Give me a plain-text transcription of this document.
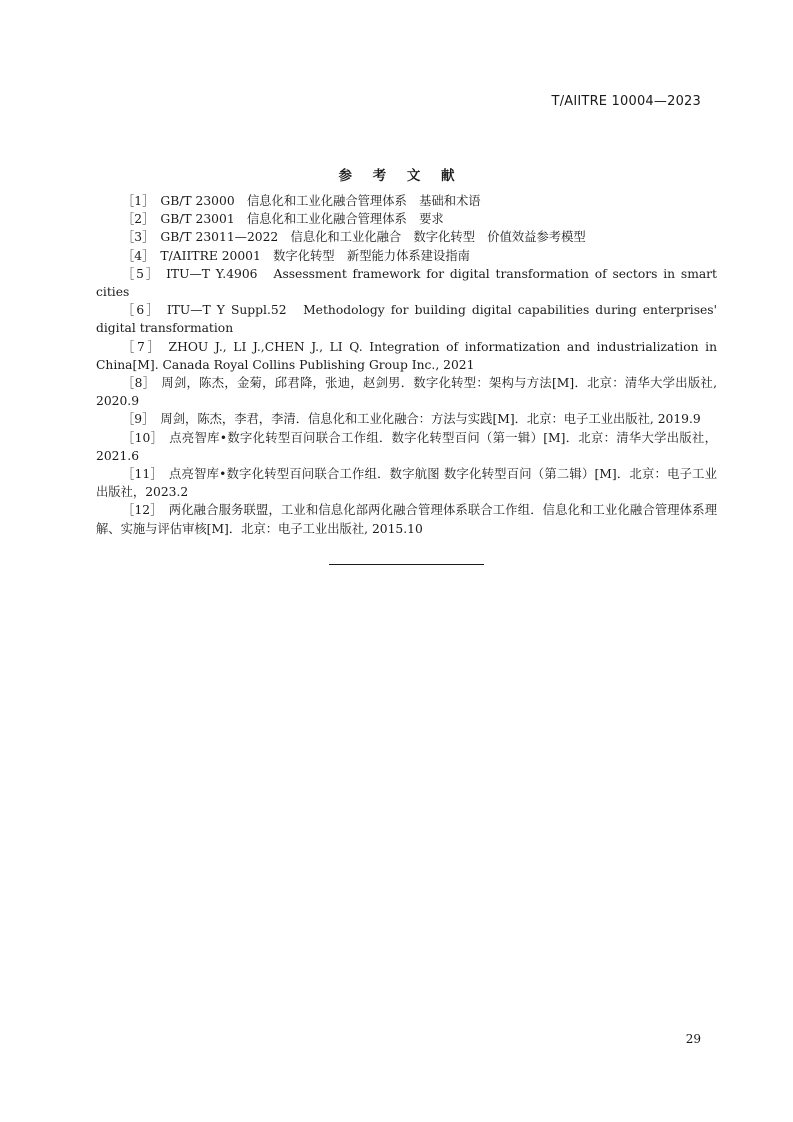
T/AIITRE 10004—2023
参 考 文 献
［1］ GB/T 23000　信息化和工业化融合管理体系　基础和术语
［2］ GB/T 23001　信息化和工业化融合管理体系　要求
［3］ GB/T 23011—2022　信息化和工业化融合　数字化转型　价值效益参考模型
［4］ T/AIITRE 20001　数字化转型　新型能力体系建设指南
［5］ ITU—T Y.4906　Assessment framework for digital transformation of sectors in smart cities
［6］ ITU—T Y Suppl.52　Methodology for building digital capabilities during enterprises' digital transformation
［7］ ZHOU J., LI J.,CHEN J., LI Q. Integration of informatization and industrialization in China[M]. Canada Royal Collins Publishing Group Inc., 2021
［8］ 周剑，陈杰，金菊，邱君降，张迪，赵剑男．数字化转型：架构与方法[M]．北京：清华大学出版社, 2020.9
［9］ 周剑，陈杰，李君，李清．信息化和工业化融合：方法与实践[M]．北京：电子工业出版社, 2019.9
［10］ 点亮智库•数字化转型百问联合工作组．数字化转型百问（第一辑）[M]．北京：清华大学出版社，2021.6
［11］ 点亮智库•数字化转型百问联合工作组．数字航图 数字化转型百问（第二辑）[M]．北京：电子工业出版社，2023.2
［12］ 两化融合服务联盟，工业和信息化部两化融合管理体系联合工作组．信息化和工业化融合管理体系理解、实施与评估审核[M]．北京：电子工业出版社, 2015.10
29
